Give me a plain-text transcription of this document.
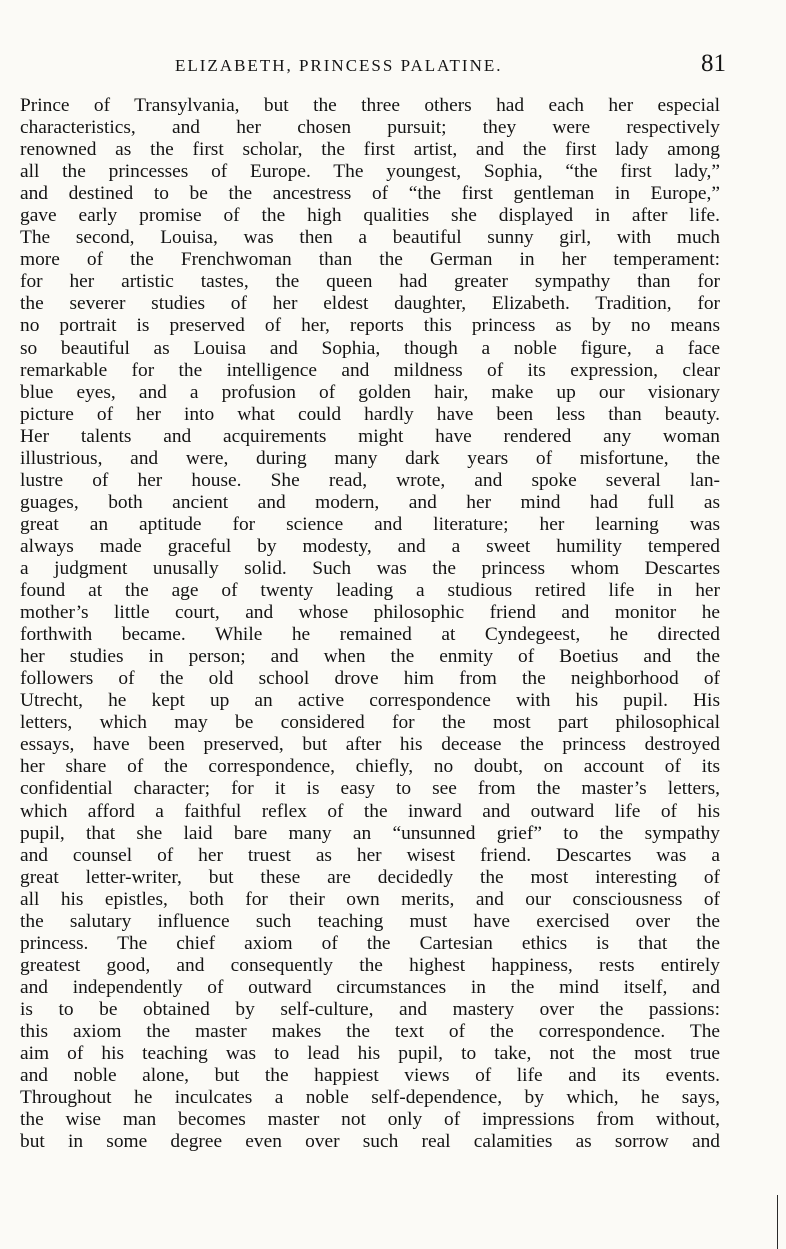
ELIZABETH, PRINCESS PALATINE.	81
Prince of Transylvania, but the three others had each her especial
characteristics, and her chosen pursuit; they were respectively
renowned as the first scholar, the first artist, and the first lady among
all the princesses of Europe. The youngest, Sophia, “the first lady,”
and destined to be the ancestress of “the first gentleman in Europe,”
gave early promise of the high qualities she displayed in after life.
The second, Louisa, was then a beautiful sunny girl, with much
more of the Frenchwoman than the German in her temperament:
for her artistic tastes, the queen had greater sympathy than for
the severer studies of her eldest daughter, Elizabeth. Tradition, for
no portrait is preserved of her, reports this princess as by no means
so beautiful as Louisa and Sophia, though a noble figure, a face
remarkable for the intelligence and mildness of its expression, clear
blue eyes, and a profusion of golden hair, make up our visionary
picture of her into what could hardly have been less than beauty.
Her talents and acquirements might have rendered any woman
illustrious, and were, during many dark years of misfortune, the
lustre of her house. She read, wrote, and spoke several lan-
guages, both ancient and modern, and her mind had full as
great an aptitude for science and literature; her learning was
always made graceful by modesty, and a sweet humility tempered
a judgment unusally solid. Such was the princess whom Descartes
found at the age of twenty leading a studious retired life in her
mother’s little court, and whose philosophic friend and monitor he
forthwith became. While he remained at Cyndegeest, he directed
her studies in person; and when the enmity of Boetius and the
followers of the old school drove him from the neighborhood of
Utrecht, he kept up an active correspondence with his pupil. His
letters, which may be considered for the most part philosophical
essays, have been preserved, but after his decease the princess destroyed
her share of the correspondence, chiefly, no doubt, on account of its
confidential character; for it is easy to see from the master’s letters,
which afford a faithful reflex of the inward and outward life of his
pupil, that she laid bare many an “unsunned grief” to the sympathy
and counsel of her truest as her wisest friend. Descartes was a
great letter-writer, but these are decidedly the most interesting of
all his epistles, both for their own merits, and our consciousness of
the salutary influence such teaching must have exercised over the
princess. The chief axiom of the Cartesian ethics is that the
greatest good, and consequently the highest happiness, rests entirely
and independently of outward circumstances in the mind itself, and
is to be obtained by self-culture, and mastery over the passions:
this axiom the master makes the text of the correspondence. The
aim of his teaching was to lead his pupil, to take, not the most true
and noble alone, but the happiest views of life and its events.
Throughout he inculcates a noble self-dependence, by which, he says,
the wise man becomes master not only of impressions from without,
but in some degree even over such real calamities as sorrow and
